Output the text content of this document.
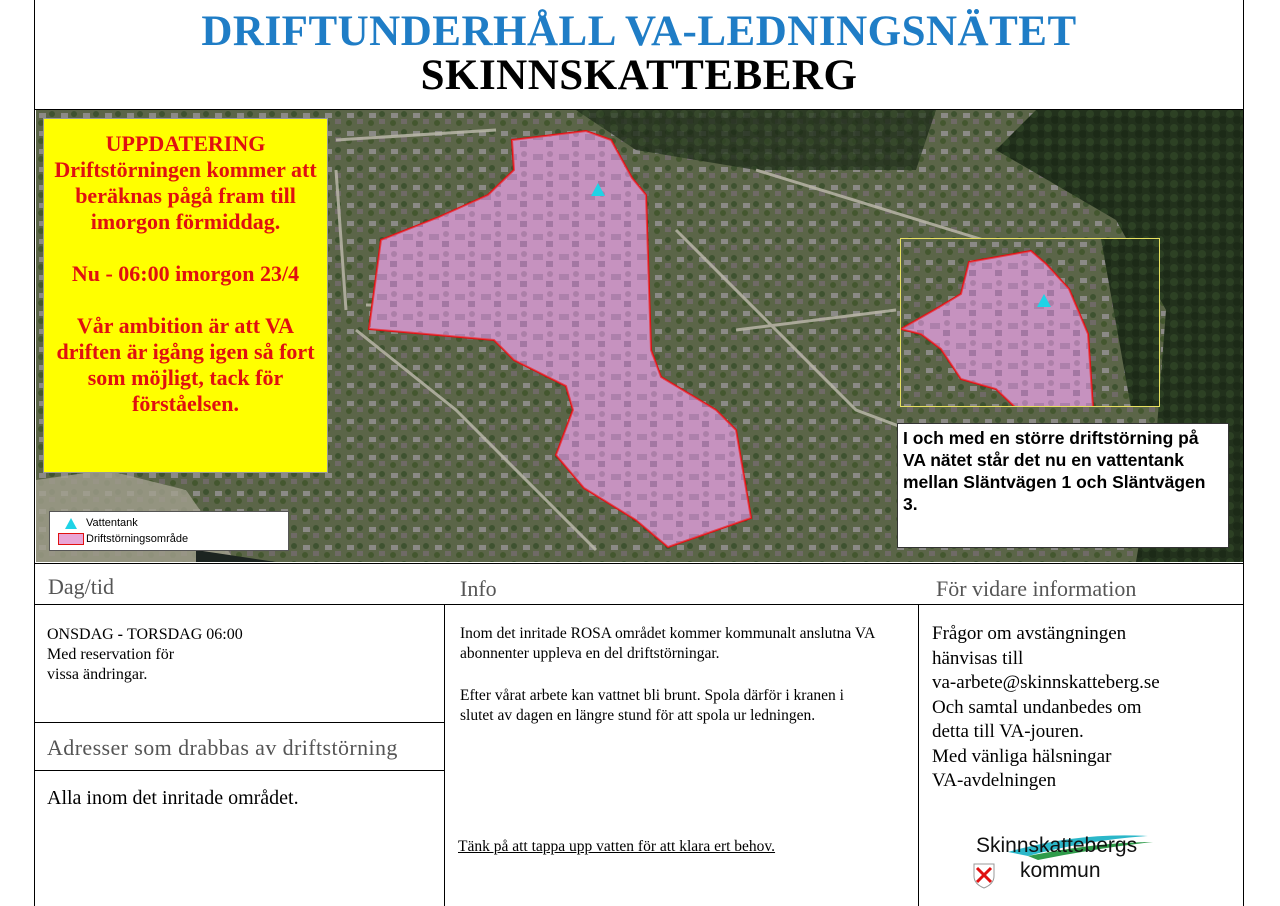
DRIFTUNDERHÅLL VA-LEDNINGSNÄTET
SKINNSKATTEBERG

UPPDATERING

Driftstörningen kommer att beräknas pågå fram till imorgon förmiddag.

Nu - 06:00 imorgon 23/4

Vår ambition är att VA driften är igång igen så fort som möjligt, tack för förståelsen.

Vattentank
Driftstörningsområde
I och med en större driftstörning på VA nätet står det nu en vattentank mellan Släntvägen 1 och Släntvägen 3.
Dag/tid	Info	För vidare information
ONSDAG - TORSDAG 06:00
Med reservation för
vissa ändringar.
Adresser som drabbas av driftstörning
Alla inom det inritade området.
Inom det inritade ROSA området kommer kommunalt anslutna VA abonnenter uppleva en del driftstörningar.
Efter vårat arbete kan vattnet bli brunt. Spola därför i kranen i slutet av dagen en längre stund för att spola ur ledningen.
Tänk på att tappa upp vatten för att klara ert behov.
Frågor om avstängningen
hänvisas till
va-arbete@skinnskatteberg.se
Och samtal undanbedes om
detta till VA-jouren.
Med vänliga hälsningar
VA-avdelningen
Skinnskattebergs
kommun
